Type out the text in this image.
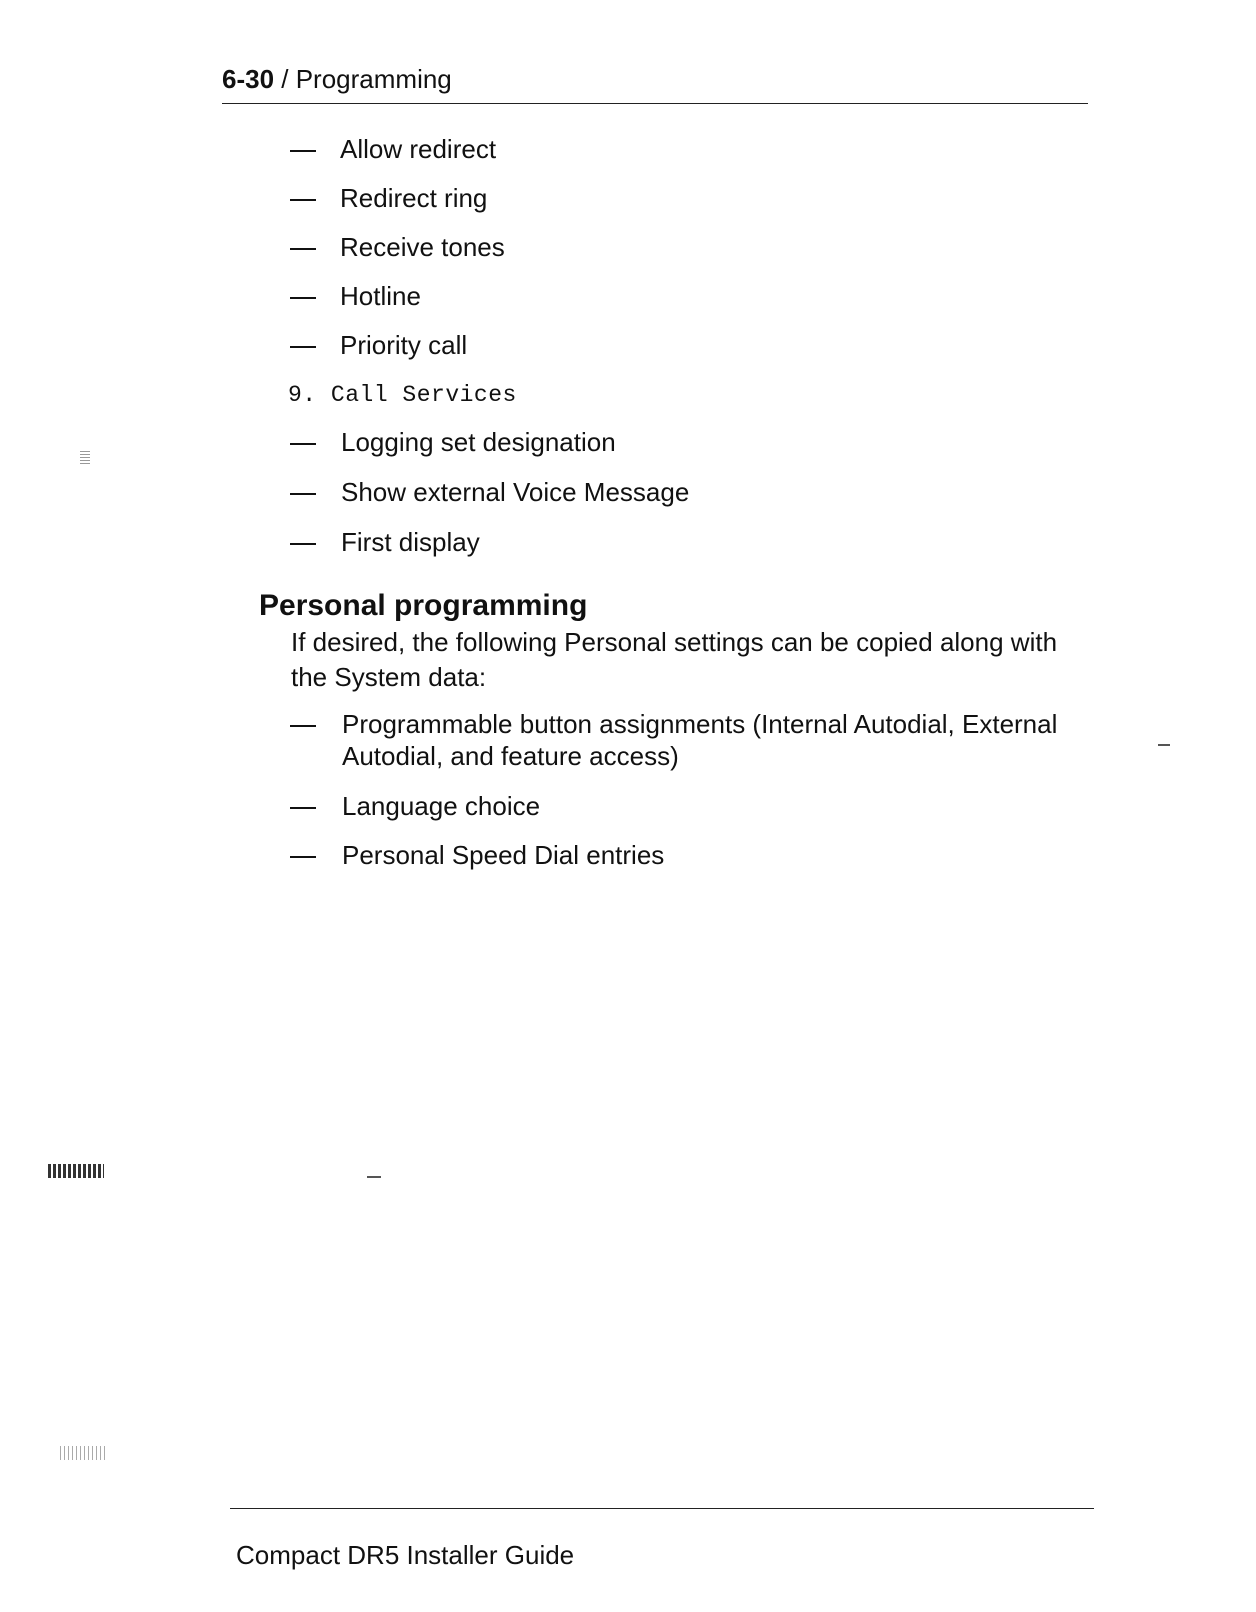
6-30 / Programming
Allow redirect
Redirect ring
Receive tones
Hotline
Priority call
9. Call Services
Logging set designation
Show external Voice Message
First display
Personal programming
If desired, the following Personal settings can be copied along with the System data:
Programmable button assignments (Internal Autodial, External Autodial, and feature access)
Language choice
Personal Speed Dial entries
Compact DR5 Installer Guide
